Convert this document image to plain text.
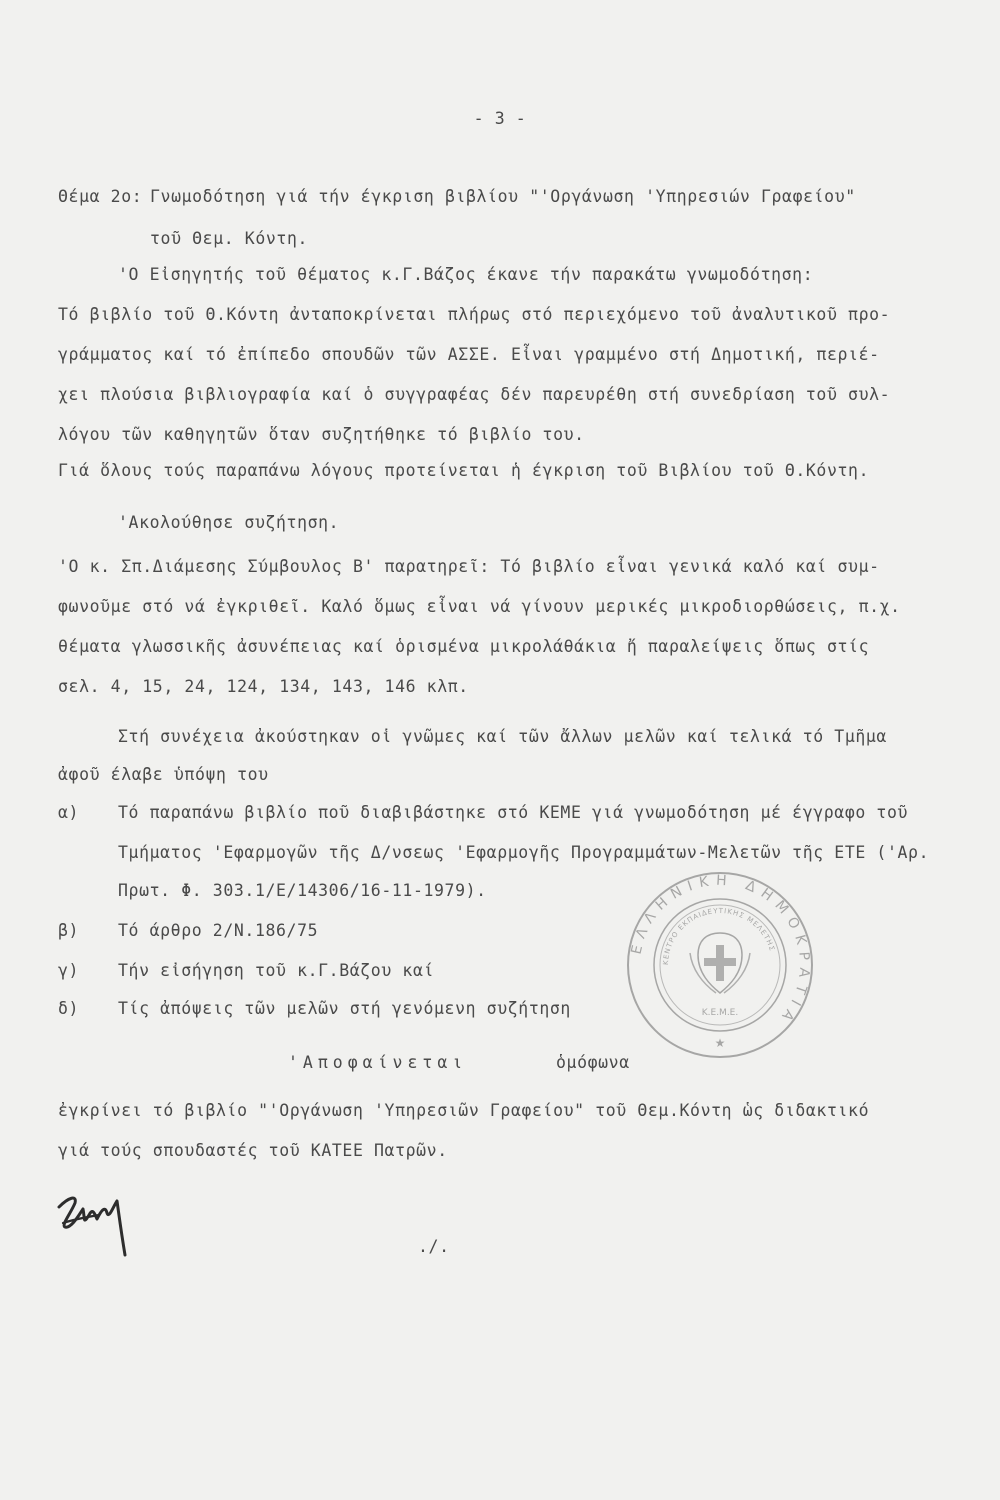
- 3 -
Θέμα 2ο: Γνωμοδότηση γιά τήν έγκριση βιβλίου "'Οργάνωση 'Υπηρεσιών Γραφείου"
τοῦ Θεμ. Κόντη.
'Ο Εἰσηγητής τοῦ θέματος κ.Γ.Βάζος έκανε τήν παρακάτω γνωμοδότηση:
Τό βιβλίο τοῦ Θ.Κόντη ἀνταποκρίνεται πλήρως στό περιεχόμενο τοῦ ἀναλυτικοῦ προ-
γράμματος καί τό ἐπίπεδο σπουδῶν τῶν ΑΣΣΕ. Εἶναι γραμμένο στή Δημοτική, περιέ-
χει πλούσια βιβλιογραφία καί ὁ συγγραφέας δέν παρευρέθη στή συνεδρίαση τοῦ συλ-
λόγου τῶν καθηγητῶν ὅταν συζητήθηκε τό βιβλίο του.
Γιά ὅλους τούς παραπάνω λόγους προτείνεται ἡ έγκριση τοῦ Βιβλίου τοῦ Θ.Κόντη.
'Ακολούθησε συζήτηση.
'Ο κ. Σπ.Διάμεσης Σύμβουλος Β' παρατηρεῖ: Τό βιβλίο εἶναι γενικά καλό καί συμ-
φωνοῦμε στό νά ἐγκριθεῖ. Καλό ὅμως εἶναι νά γίνουν μερικές μικροδιορθώσεις, π.χ.
θέματα γλωσσικῆς ἀσυνέπειας καί ὁρισμένα μικρολάθάκια ἤ παραλείψεις ὅπως στίς
σελ. 4, 15, 24, 124, 134, 143, 146 κλπ.
Στή συνέχεια ἀκούστηκαν οἱ γνῶμες καί τῶν ἄλλων μελῶν καί τελικά τό Τμῆμα
ἀφοῦ έλαβε ὑπόψη του
α) Τό παραπάνω βιβλίο ποῦ διαβιβάστηκε στό ΚΕΜΕ γιά γνωμοδότηση μέ έγγραφο τοῦ
Τμήματος 'Εφαρμογῶν τῆς Δ/νσεως 'Εφαρμογῆς Προγραμμάτων-Μελετῶν τῆς ΕΤΕ ('Αρ.
Πρωτ. Φ. 303.1/Ε/14306/16-11-1979).
β) Τό άρθρο 2/Ν.186/75
γ) Τήν εἰσήγηση τοῦ κ.Γ.Βάζου καί
δ) Τίς ἀπόψεις τῶν μελῶν στή γενόμενη συζήτηση
'Αποφαίνεται	ὁμόφωνα
ἐγκρίνει τό βιβλίο "'Οργάνωση 'Υπηρεσιῶν Γραφείου" τοῦ Θεμ.Κόντη ὡς διδακτικό
γιά τούς σπουδαστές τοῦ ΚΑΤΕΕ Πατρῶν.
./.
ΕΛΛΗΝΙΚΗ ΔΗΜΟΚΡΑΤΙΑ
ΚΕΝΤΡΟ ΕΚΠΑΙΔΕΥΤΙΚΗΣ ΜΕΛΕΤΗΣ
Κ.Ε.Μ.Ε.
★
